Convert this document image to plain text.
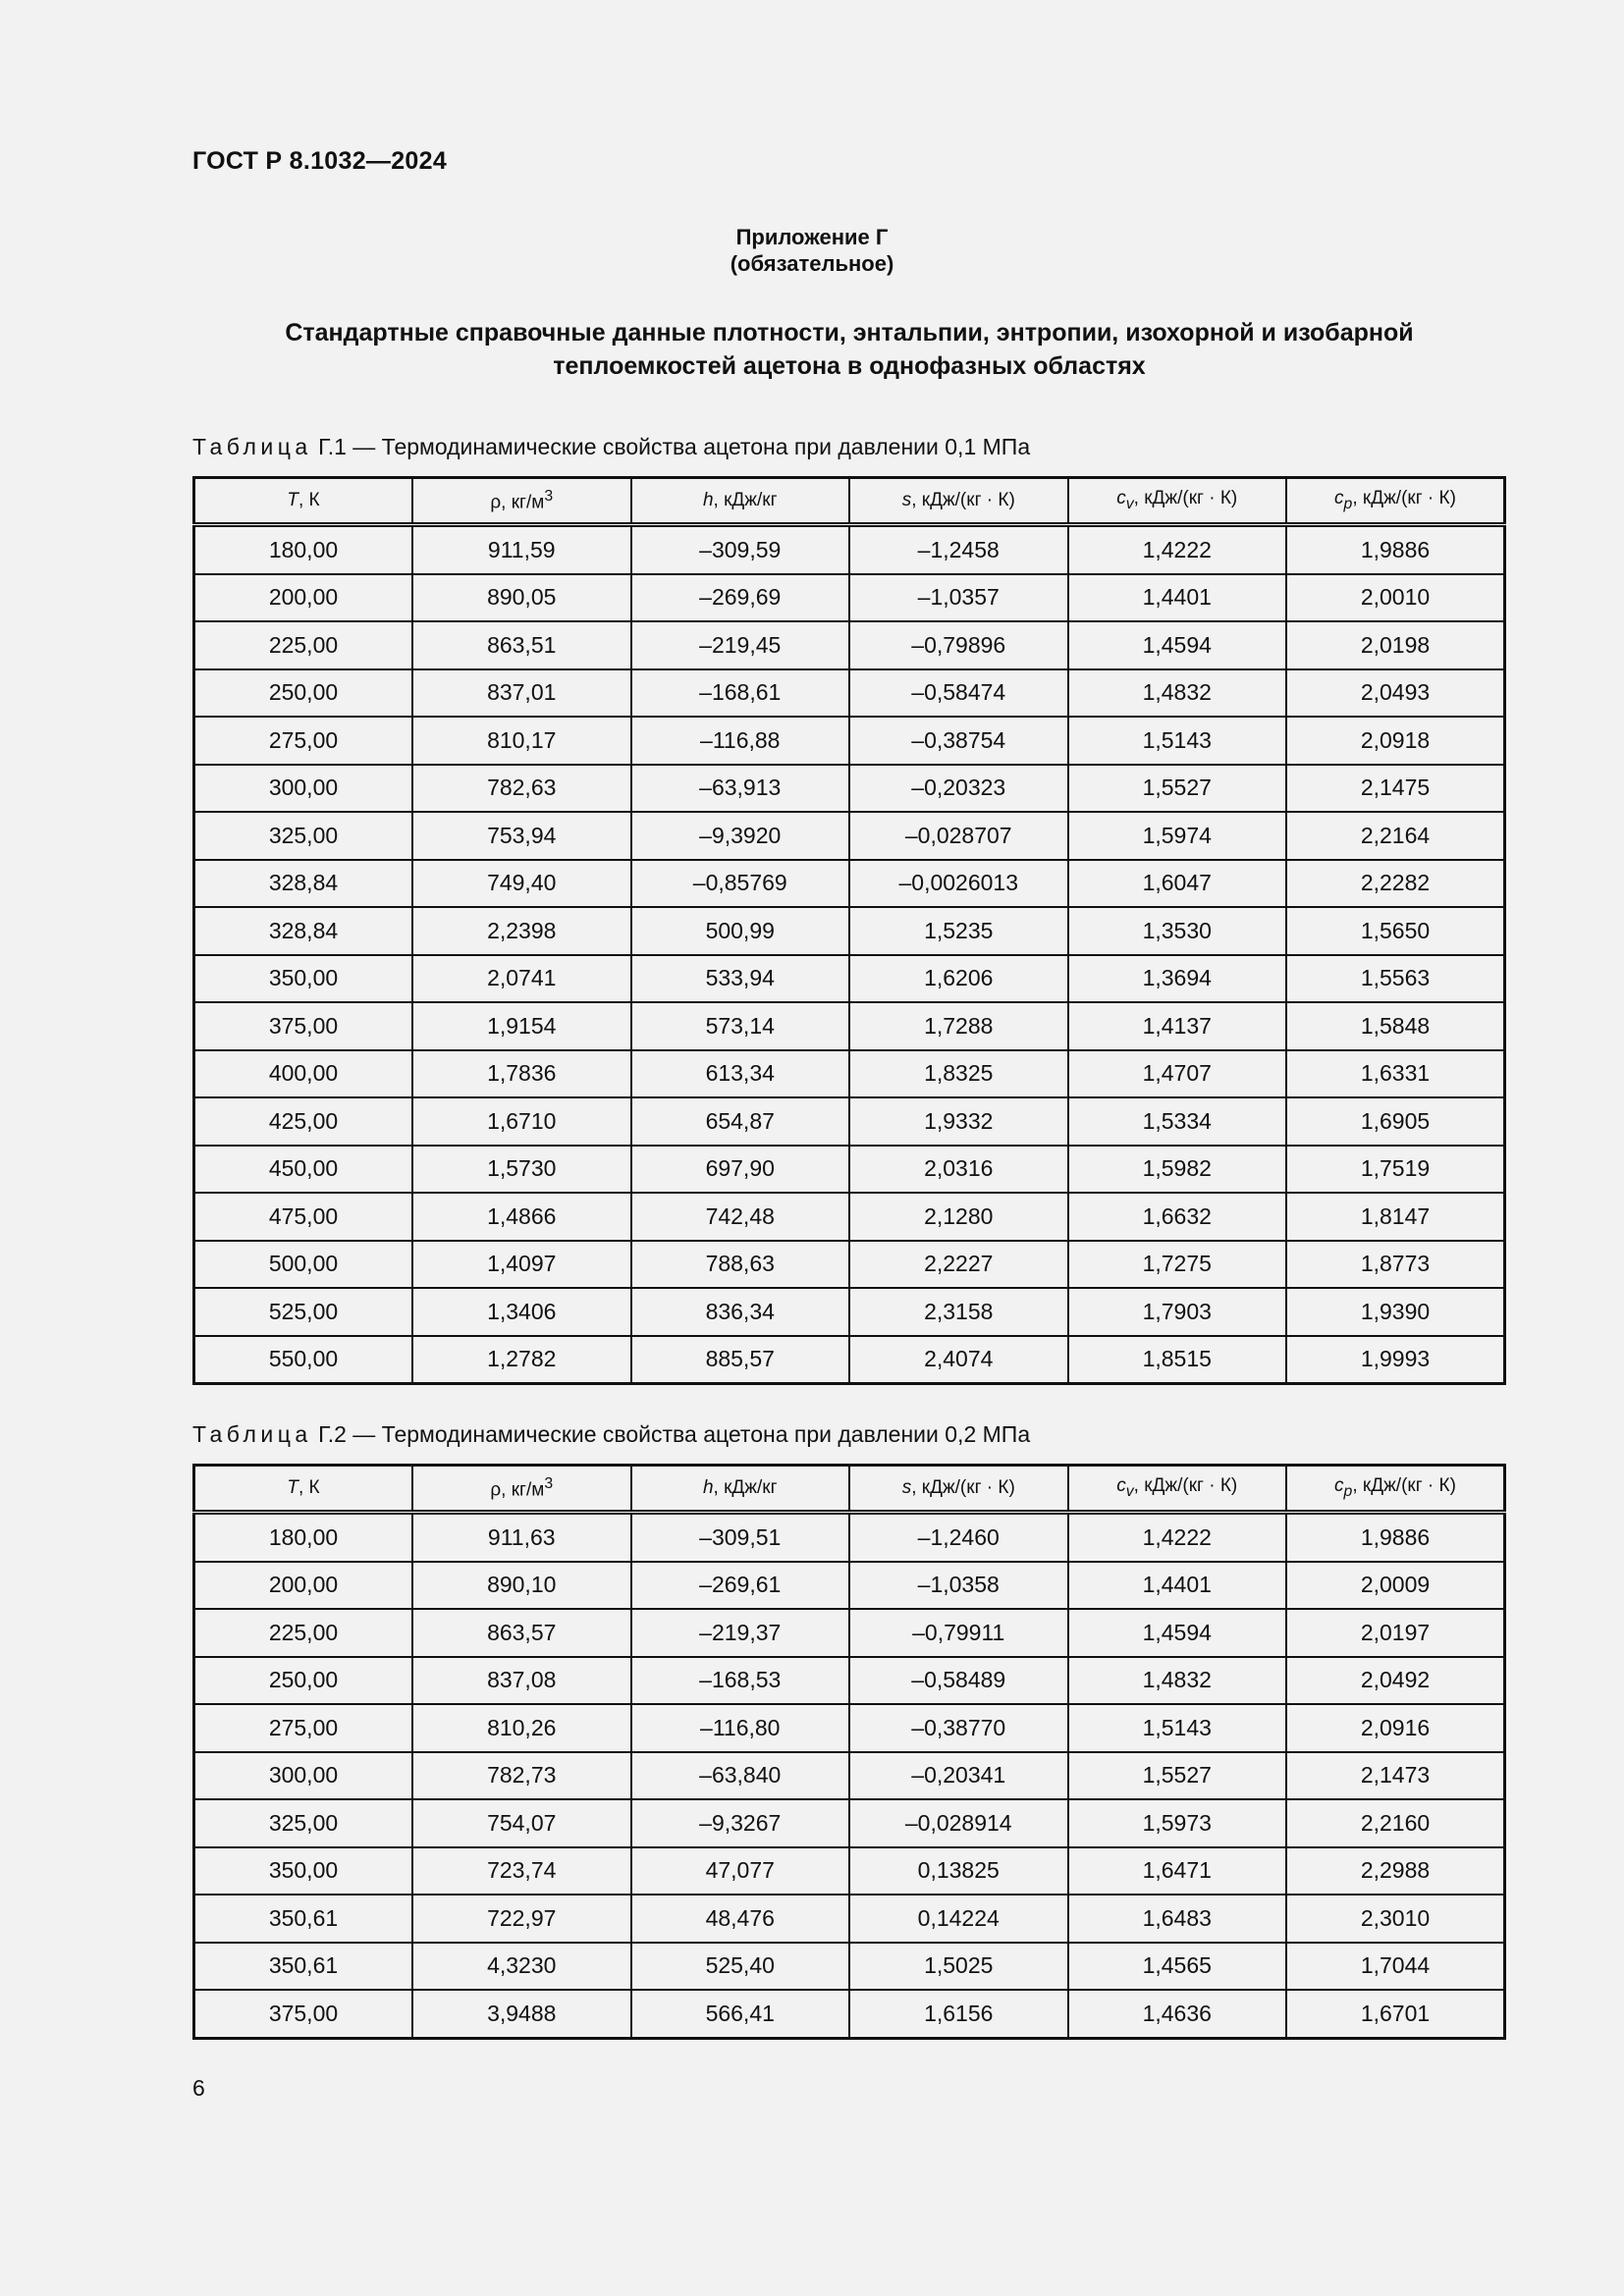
ГОСТ Р 8.1032—2024
Приложение Г
(обязательное)
Стандартные справочные данные плотности, энтальпии, энтропии, изохорной и изобарной
теплоемкостей ацетона в однофазных областях
Таблица Г.1 — Термодинамические свойства ацетона при давлении 0,1 МПа
T, К	ρ, $кг/м^3$	h, кДж/кг	s, кДж/(кг · К)	$c_v$, кДж/(кг · К)	$c_p$, кДж/(кг · К)
180,00	911,59	–309,59	–1,2458	1,4222	1,9886
200,00	890,05	–269,69	–1,0357	1,4401	2,0010
225,00	863,51	–219,45	–0,79896	1,4594	2,0198
250,00	837,01	–168,61	–0,58474	1,4832	2,0493
275,00	810,17	–116,88	–0,38754	1,5143	2,0918
300,00	782,63	–63,913	–0,20323	1,5527	2,1475
325,00	753,94	–9,3920	–0,028707	1,5974	2,2164
328,84	749,40	–0,85769	–0,0026013	1,6047	2,2282
328,84	2,2398	500,99	1,5235	1,3530	1,5650
350,00	2,0741	533,94	1,6206	1,3694	1,5563
375,00	1,9154	573,14	1,7288	1,4137	1,5848
400,00	1,7836	613,34	1,8325	1,4707	1,6331
425,00	1,6710	654,87	1,9332	1,5334	1,6905
450,00	1,5730	697,90	2,0316	1,5982	1,7519
475,00	1,4866	742,48	2,1280	1,6632	1,8147
500,00	1,4097	788,63	2,2227	1,7275	1,8773
525,00	1,3406	836,34	2,3158	1,7903	1,9390
550,00	1,2782	885,57	2,4074	1,8515	1,9993
Таблица Г.2 — Термодинамические свойства ацетона при давлении 0,2 МПа
T, К	ρ, $кг/м^3$	h, кДж/кг	s, кДж/(кг · К)	$c_v$, кДж/(кг · К)	$c_p$, кДж/(кг · К)
180,00	911,63	–309,51	–1,2460	1,4222	1,9886
200,00	890,10	–269,61	–1,0358	1,4401	2,0009
225,00	863,57	–219,37	–0,79911	1,4594	2,0197
250,00	837,08	–168,53	–0,58489	1,4832	2,0492
275,00	810,26	–116,80	–0,38770	1,5143	2,0916
300,00	782,73	–63,840	–0,20341	1,5527	2,1473
325,00	754,07	–9,3267	–0,028914	1,5973	2,2160
350,00	723,74	47,077	0,13825	1,6471	2,2988
350,61	722,97	48,476	0,14224	1,6483	2,3010
350,61	4,3230	525,40	1,5025	1,4565	1,7044
375,00	3,9488	566,41	1,6156	1,4636	1,6701
6
